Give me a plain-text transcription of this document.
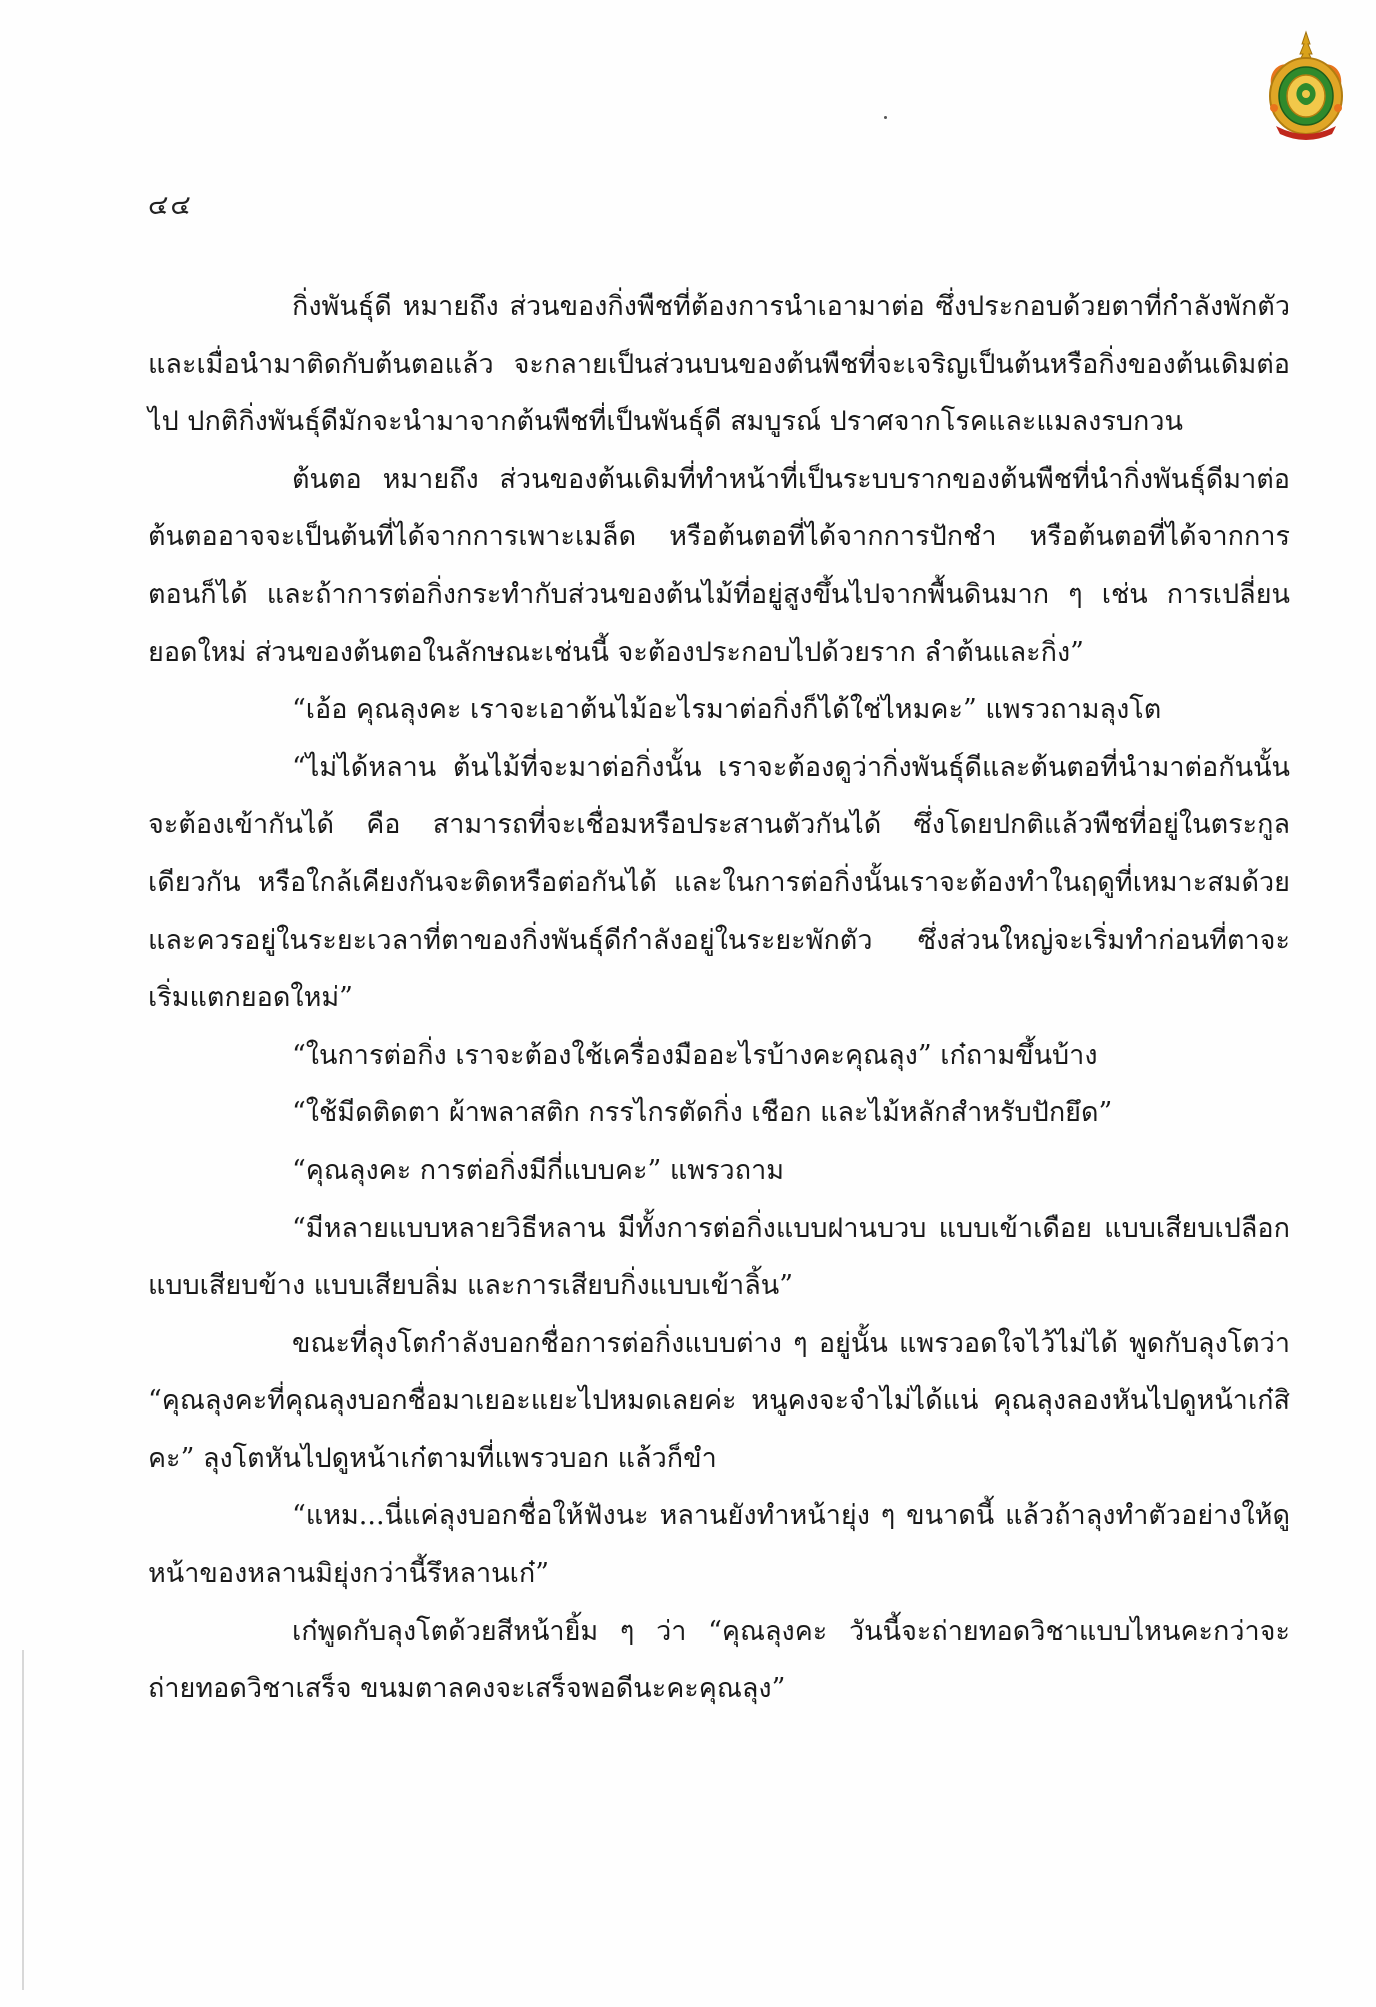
๔๔

กิ่งพันธุ์ดี หมายถึง ส่วนของกิ่งพืชที่ต้องการนำเอามาต่อ ซึ่งประกอบด้วยตาที่กำลังพักตัวและเมื่อนำมาติดกับต้นตอแล้ว จะกลายเป็นส่วนบนของต้นพืชที่จะเจริญเป็นต้นหรือกิ่งของต้นเดิมต่อไป ปกติกิ่งพันธุ์ดีมักจะนำมาจากต้นพืชที่เป็นพันธุ์ดี สมบูรณ์ ปราศจากโรคและแมลงรบกวน

ต้นตอ หมายถึง ส่วนของต้นเดิมที่ทำหน้าที่เป็นระบบรากของต้นพืชที่นำกิ่งพันธุ์ดีมาต่อ ต้นตออาจจะเป็นต้นที่ได้จากการเพาะเมล็ด หรือต้นตอที่ได้จากการปักชำ หรือต้นตอที่ได้จากการตอนก็ได้ และถ้าการต่อกิ่งกระทำกับส่วนของต้นไม้ที่อยู่สูงขึ้นไปจากพื้นดินมาก ๆ เช่น การเปลี่ยนยอดใหม่ ส่วนของต้นตอในลักษณะเช่นนี้ จะต้องประกอบไปด้วยราก ลำต้นและกิ่ง”

“เอ้อ คุณลุงคะ เราจะเอาต้นไม้อะไรมาต่อกิ่งก็ได้ใช่ไหมคะ” แพรวถามลุงโต

“ไม่ได้หลาน ต้นไม้ที่จะมาต่อกิ่งนั้น เราจะต้องดูว่ากิ่งพันธุ์ดีและต้นตอที่นำมาต่อกันนั้นจะต้องเข้ากันได้ คือ สามารถที่จะเชื่อมหรือประสานตัวกันได้ ซึ่งโดยปกติแล้วพืชที่อยู่ในตระกูลเดียวกัน หรือใกล้เคียงกันจะติดหรือต่อกันได้ และในการต่อกิ่งนั้นเราจะต้องทำในฤดูที่เหมาะสมด้วย และควรอยู่ในระยะเวลาที่ตาของกิ่งพันธุ์ดีกำลังอยู่ในระยะพักตัว ซึ่งส่วนใหญ่จะเริ่มทำก่อนที่ตาจะเริ่มแตกยอดใหม่”

“ในการต่อกิ่ง เราจะต้องใช้เครื่องมืออะไรบ้างคะคุณลุง” เก๋ถามขึ้นบ้าง

“ใช้มีดติดตา ผ้าพลาสติก กรรไกรตัดกิ่ง เชือก และไม้หลักสำหรับปักยึด”

“คุณลุงคะ การต่อกิ่งมีกี่แบบคะ” แพรวถาม

“มีหลายแบบหลายวิธีหลาน มีทั้งการต่อกิ่งแบบฝานบวบ แบบเข้าเดือย แบบเสียบเปลือก แบบเสียบข้าง แบบเสียบลิ่ม และการเสียบกิ่งแบบเข้าลิ้น”

ขณะที่ลุงโตกำลังบอกชื่อการต่อกิ่งแบบต่าง ๆ อยู่นั้น แพรวอดใจไว้ไม่ได้ พูดกับลุงโตว่า “คุณลุงคะที่คุณลุงบอกชื่อมาเยอะแยะไปหมดเลยค่ะ หนูคงจะจำไม่ได้แน่ คุณลุงลองหันไปดูหน้าเก๋สิคะ” ลุงโตหันไปดูหน้าเก๋ตามที่แพรวบอก แล้วก็ขำ

“แหม...นี่แค่ลุงบอกชื่อให้ฟังนะ หลานยังทำหน้ายุ่ง ๆ ขนาดนี้ แล้วถ้าลุงทำตัวอย่างให้ดู หน้าของหลานมิยุ่งกว่านี้รึหลานเก๋”

เก๋พูดกับลุงโตด้วยสีหน้ายิ้ม ๆ ว่า “คุณลุงคะ วันนี้จะถ่ายทอดวิชาแบบไหนคะกว่าจะถ่ายทอดวิชาเสร็จ ขนมตาลคงจะเสร็จพอดีนะคะคุณลุง”
